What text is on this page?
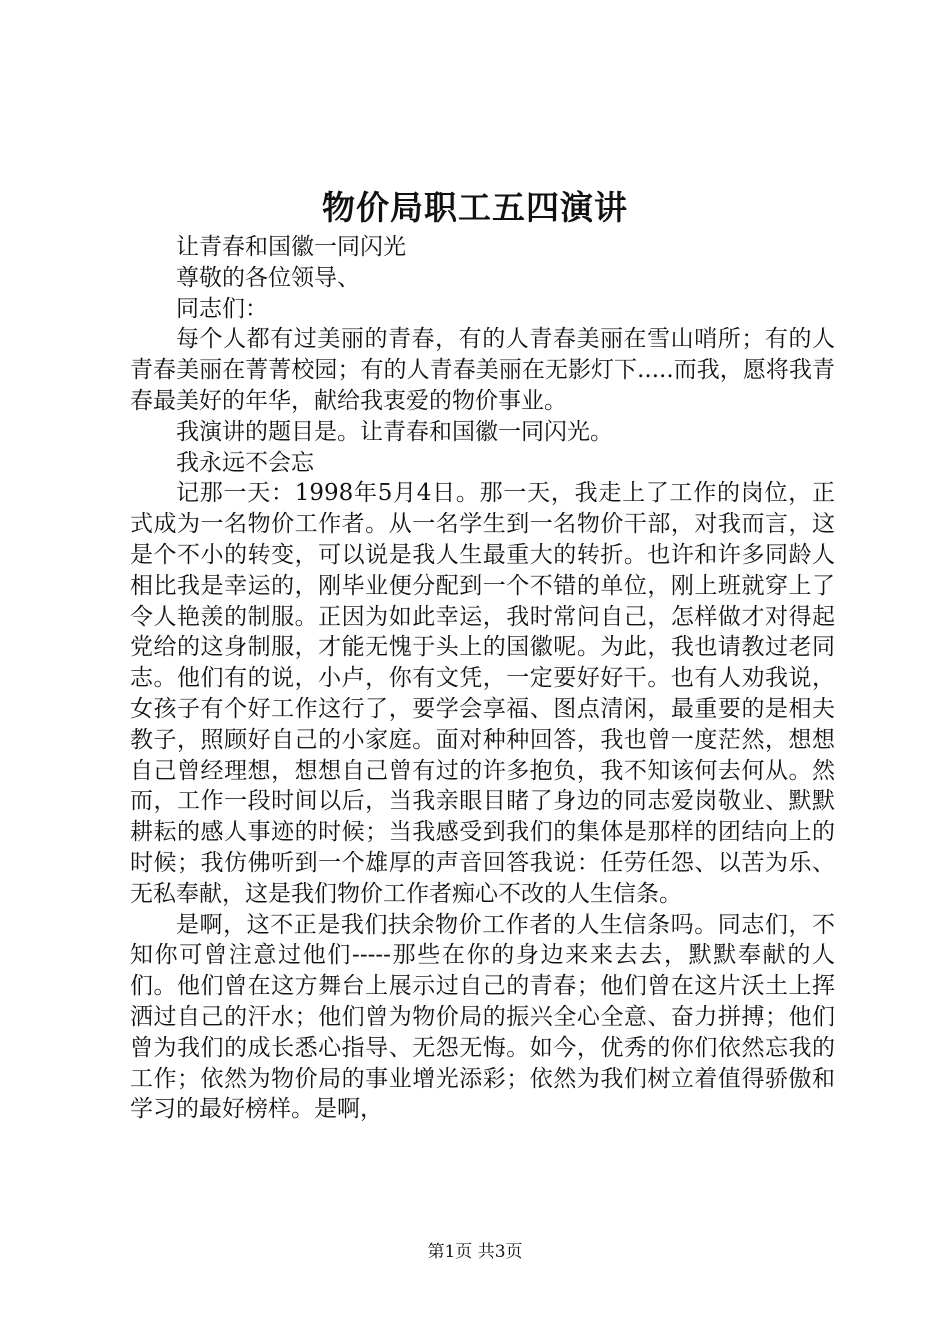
物价局职工五四演讲

让青春和国徽一同闪光

尊敬的各位领导、

同志们：

每个人都有过美丽的青春，有的人青春美丽在雪山哨所；有的人青春美丽在菁菁校园；有的人青春美丽在无影灯下.....而我，愿将我青春最美好的年华，献给我衷爱的物价事业。

我演讲的题目是。让青春和国徽一同闪光。

我永远不会忘

记那一天：1998年5月4日。那一天，我走上了工作的岗位，正式成为一名物价工作者。从一名学生到一名物价干部，对我而言，这是个不小的转变，可以说是我人生最重大的转折。也许和许多同龄人相比我是幸运的，刚毕业便分配到一个不错的单位，刚上班就穿上了令人艳羡的制服。正因为如此幸运，我时常问自己，怎样做才对得起党给的这身制服，才能无愧于头上的国徽呢。为此，我也请教过老同志。他们有的说，小卢，你有文凭，一定要好好干。也有人劝我说，女孩子有个好工作这行了，要学会享福、图点清闲，最重要的是相夫教子，照顾好自己的小家庭。面对种种回答，我也曾一度茫然，想想自己曾经理想，想想自己曾有过的许多抱负，我不知该何去何从。然而，工作一段时间以后，当我亲眼目睹了身边的同志爱岗敬业、默默耕耘的感人事迹的时候；当我感受到我们的集体是那样的团结向上的时候；我仿佛听到一个雄厚的声音回答我说：任劳任怨、以苦为乐、无私奉献，这是我们物价工作者痴心不改的人生信条。

是啊，这不正是我们扶余物价工作者的人生信条吗。同志们，不知你可曾注意过他们-----那些在你的身边来来去去，默默奉献的人们。他们曾在这方舞台上展示过自己的青春；他们曾在这片沃土上挥洒过自己的汗水；他们曾为物价局的振兴全心全意、奋力拼搏；他们曾为我们的成长悉心指导、无怨无悔。如今，优秀的你们依然忘我的工作；依然为物价局的事业增光添彩；依然为我们树立着值得骄傲和学习的最好榜样。是啊，

第1页 共3页
